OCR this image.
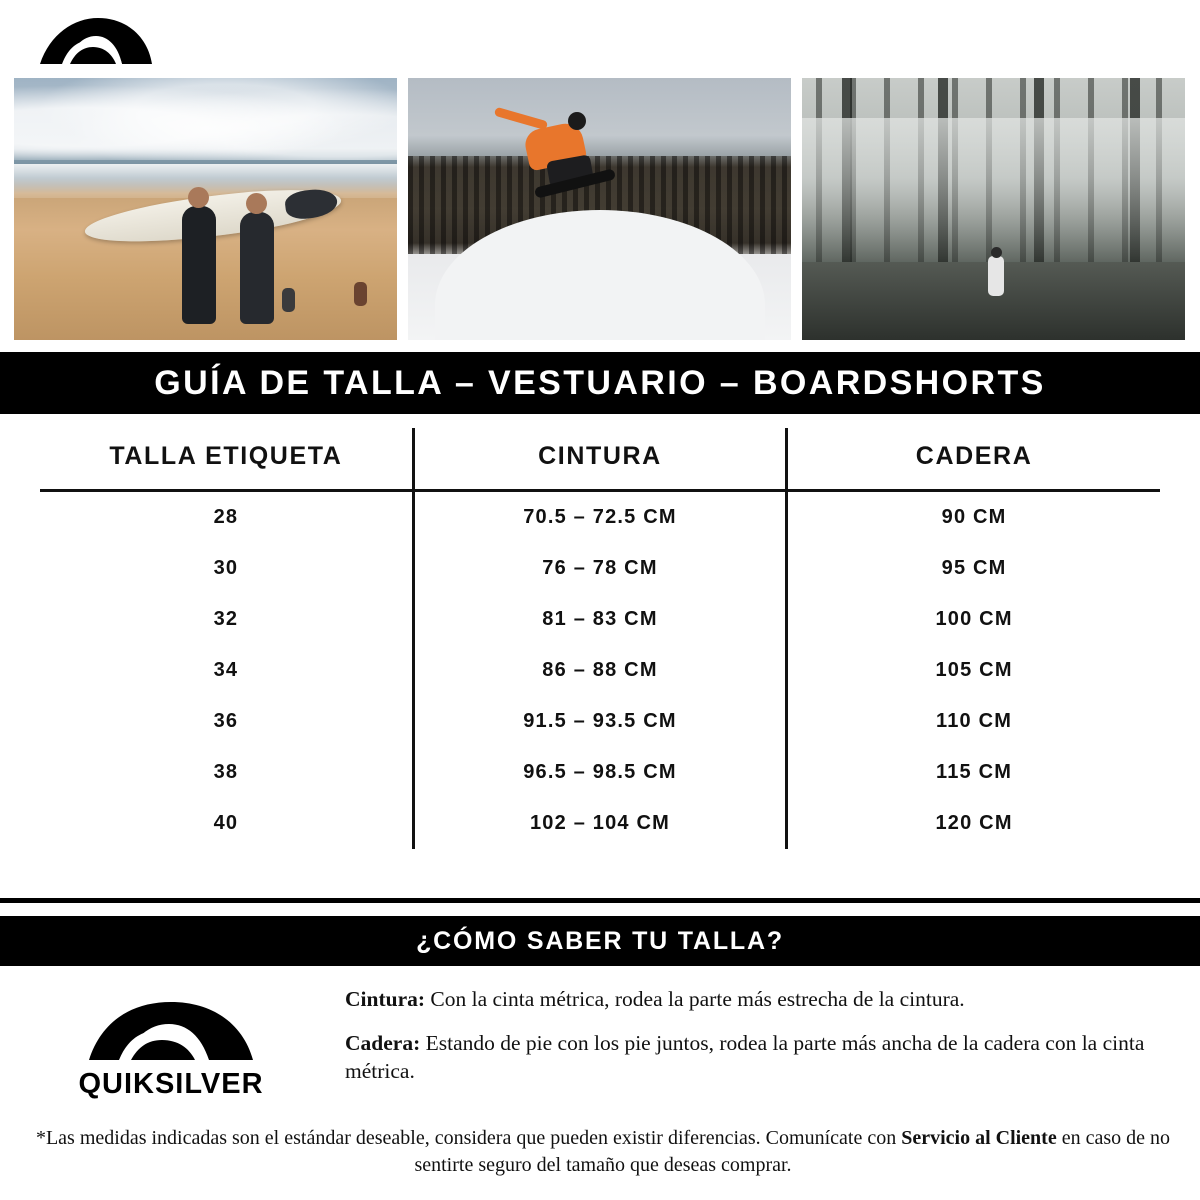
GUÍA DE TALLA – VESTUARIO – BOARDSHORTS
TALLA ETIQUETA	CINTURA	CADERA
28	70.5 – 72.5 CM	90 CM
30	76 – 78 CM	95 CM
32	81 – 83 CM	100 CM
34	86 – 88 CM	105 CM
36	91.5 – 93.5 CM	110 CM
38	96.5 – 98.5 CM	115 CM
40	102 – 104 CM	120 CM
¿CÓMO SABER TU TALLA?
QUIKSILVER
Cintura: Con la cinta métrica, rodea la parte más estrecha de la cintura.
Cadera: Estando de pie con los pie juntos, rodea la parte más ancha de la cadera con la cinta métrica.
*Las medidas indicadas son el estándar deseable, considera que pueden existir diferencias. Comunícate con Servicio al Cliente en caso de no sentirte seguro del tamaño que deseas comprar.
